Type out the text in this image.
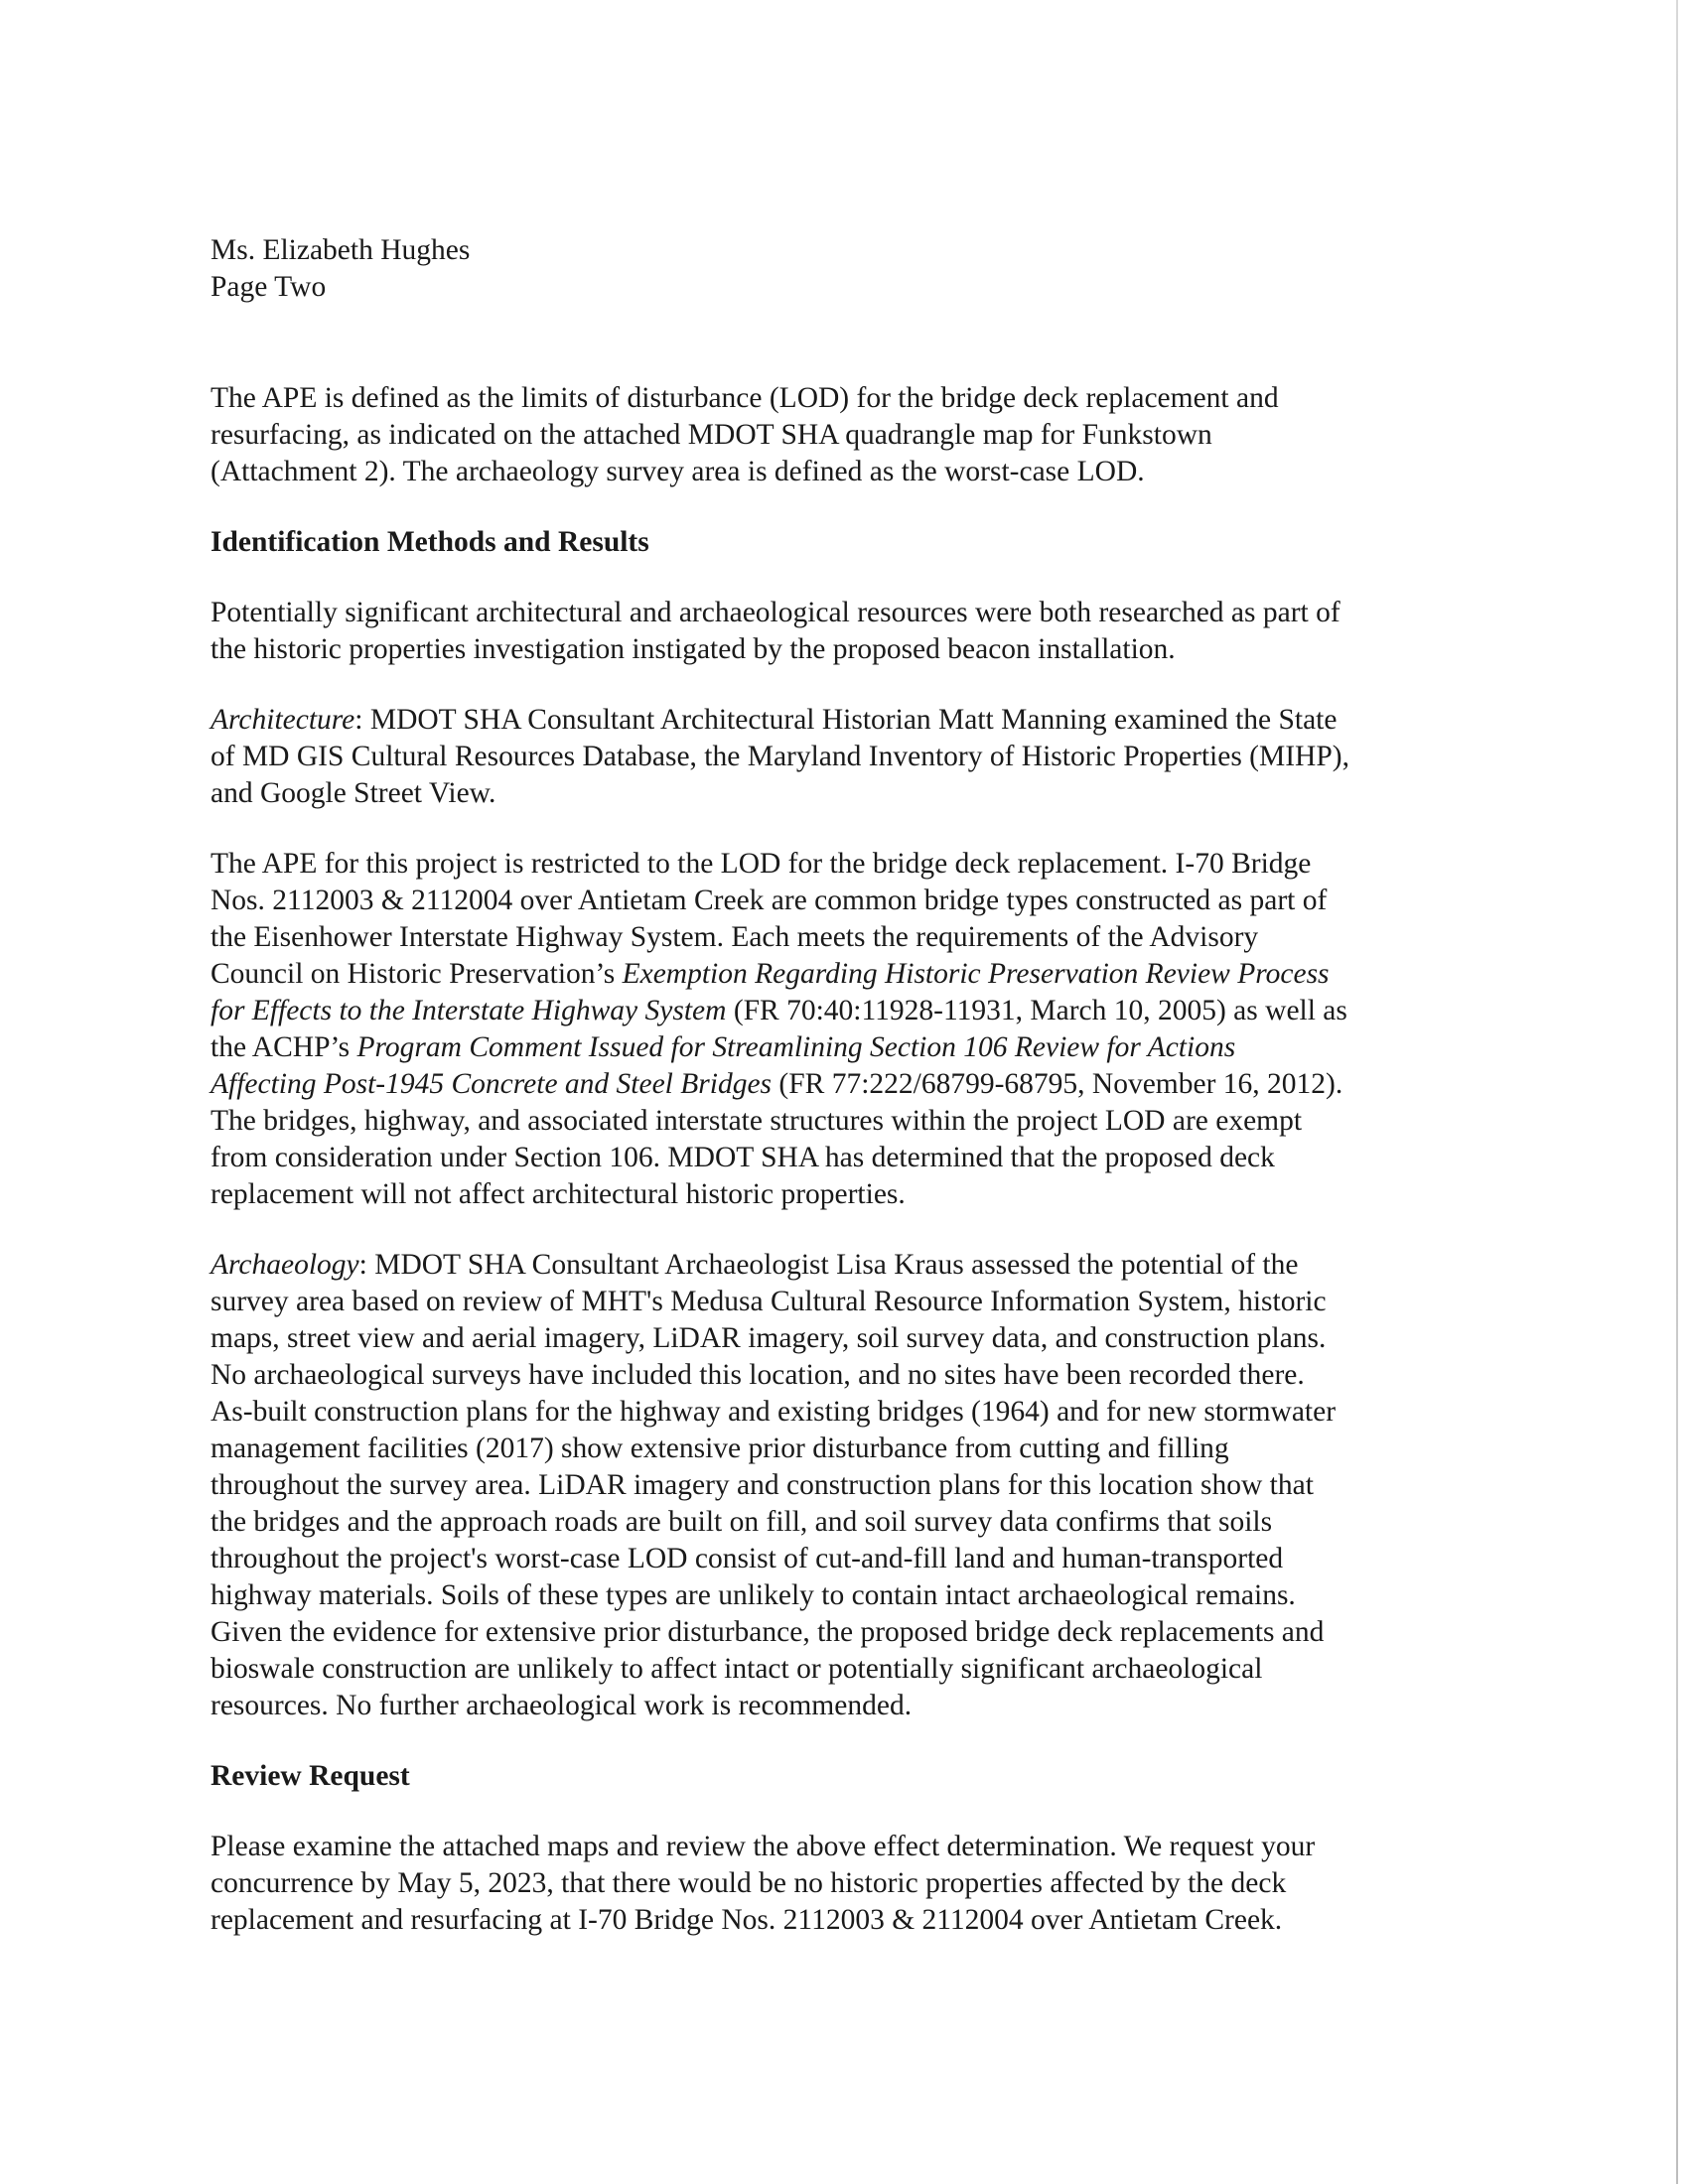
Ms. Elizabeth Hughes
Page Two
The APE is defined as the limits of disturbance (LOD) for the bridge deck replacement and
resurfacing, as indicated on the attached MDOT SHA quadrangle map for Funkstown
(Attachment 2). The archaeology survey area is defined as the worst-case LOD.
Identification Methods and Results
Potentially significant architectural and archaeological resources were both researched as part of
the historic properties investigation instigated by the proposed beacon installation.
Architecture: MDOT SHA Consultant Architectural Historian Matt Manning examined the State
of MD GIS Cultural Resources Database, the Maryland Inventory of Historic Properties (MIHP),
and Google Street View.
The APE for this project is restricted to the LOD for the bridge deck replacement. I-70 Bridge
Nos. 2112003 & 2112004 over Antietam Creek are common bridge types constructed as part of
the Eisenhower Interstate Highway System. Each meets the requirements of the Advisory
Council on Historic Preservation’s Exemption Regarding Historic Preservation Review Process
for Effects to the Interstate Highway System (FR 70:40:11928-11931, March 10, 2005) as well as
the ACHP’s Program Comment Issued for Streamlining Section 106 Review for Actions
Affecting Post-1945 Concrete and Steel Bridges (FR 77:222/68799-68795, November 16, 2012).
The bridges, highway, and associated interstate structures within the project LOD are exempt
from consideration under Section 106. MDOT SHA has determined that the proposed deck
replacement will not affect architectural historic properties.
Archaeology: MDOT SHA Consultant Archaeologist Lisa Kraus assessed the potential of the
survey area based on review of MHT's Medusa Cultural Resource Information System, historic
maps, street view and aerial imagery, LiDAR imagery, soil survey data, and construction plans.
No archaeological surveys have included this location, and no sites have been recorded there.
As-built construction plans for the highway and existing bridges (1964) and for new stormwater
management facilities (2017) show extensive prior disturbance from cutting and filling
throughout the survey area. LiDAR imagery and construction plans for this location show that
the bridges and the approach roads are built on fill, and soil survey data confirms that soils
throughout the project's worst-case LOD consist of cut-and-fill land and human-transported
highway materials. Soils of these types are unlikely to contain intact archaeological remains.
Given the evidence for extensive prior disturbance, the proposed bridge deck replacements and
bioswale construction are unlikely to affect intact or potentially significant archaeological
resources. No further archaeological work is recommended.
Review Request
Please examine the attached maps and review the above effect determination. We request your
concurrence by May 5, 2023, that there would be no historic properties affected by the deck
replacement and resurfacing at I-70 Bridge Nos. 2112003 & 2112004 over Antietam Creek.
